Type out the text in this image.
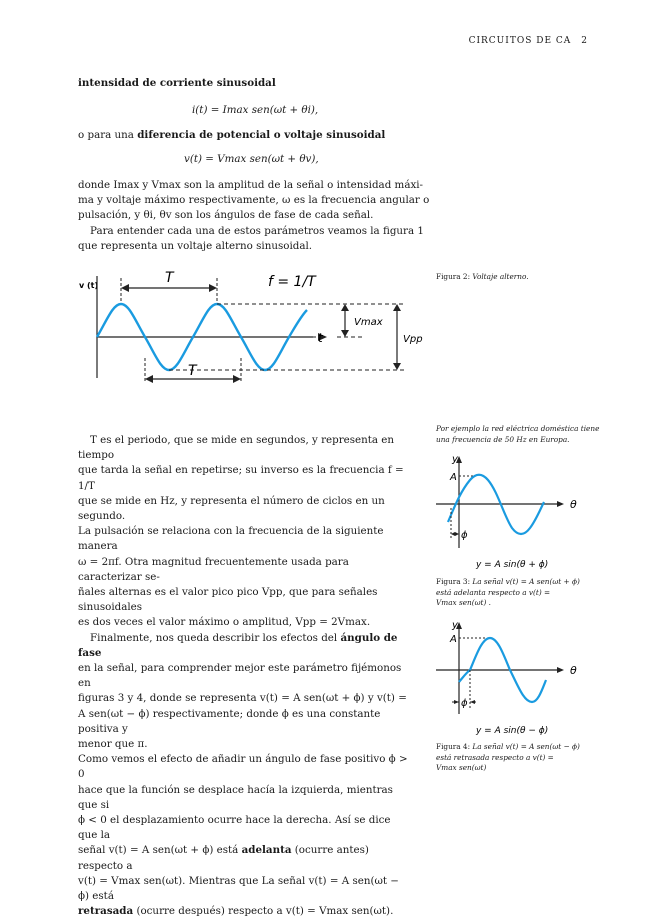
CIRCUITOS DE CA 2
intensidad de corriente sinusoidal
i(t) = Imax sen(ωt + θi),
o para una diferencia de potencial o voltaje sinusoidal
v(t) = Vmax sen(ωt + θv),
donde Imax y Vmax son la amplitud de la señal o intensidad máxi-
ma y voltaje máximo respectivamente, ω es la frecuencia angular o
pulsación, y θi, θv son los ángulos de fase de cada señal.
Para entender cada una de estos parámetros veamos la figura 1
que representa un voltaje alterno sinusoidal.
v (t)
t
T	f = 1/T
T
Vmax
Vpp
Figura 2: Voltaje alterno.
Por ejemplo la red eléctrica doméstica tiene
una frecuencia de 50 Hz en Europa.
T es el periodo, que se mide en segundos, y representa en tiempo
que tarda la señal en repetirse; su inverso es la frecuencia f = 1/T
que se mide en Hz, y representa el número de ciclos en un segundo.
La pulsación se relaciona con la frecuencia de la siguiente manera
ω = 2πf. Otra magnitud frecuentemente usada para caracterizar se-
ñales alternas es el valor pico pico Vpp, que para señales sinusoidales
es dos veces el valor máximo o amplitud, Vpp = 2Vmax.
Finalmente, nos queda describir los efectos del ángulo de fase
en la señal, para comprender mejor este parámetro fijémonos en
figuras 3 y 4, donde se representa v(t) = A sen(ωt + ϕ) y v(t) =
A sen(ωt − ϕ) respectivamente; donde ϕ es una constante positiva y
menor que π.
Como vemos el efecto de añadir un ángulo de fase positivo ϕ > 0
hace que la función se desplace hacía la izquierda, mientras que si
ϕ < 0 el desplazamiento ocurre hace la derecha. Así se dice que la
señal v(t) = A sen(ωt + ϕ) está adelanta (ocurre antes) respecto a
v(t) = Vmax sen(ωt). Mientras que La señal v(t) = A sen(ωt − ϕ) está
retrasada (ocurre después) respecto a v(t) = Vmax sen(ωt).
y
θ
A
ϕ
y = A sin(θ + ϕ)
Figura 3: La señal v(t) = A sen(ωt + ϕ)
está adelanta respecto a v(t) =
Vmax sen(ωt) .
y
θ
A
ϕ
y = A sin(θ − ϕ)
Figura 4: La señal v(t) = A sen(ωt − ϕ)
está retrasada respecto a v(t) =
Vmax sen(ωt)
